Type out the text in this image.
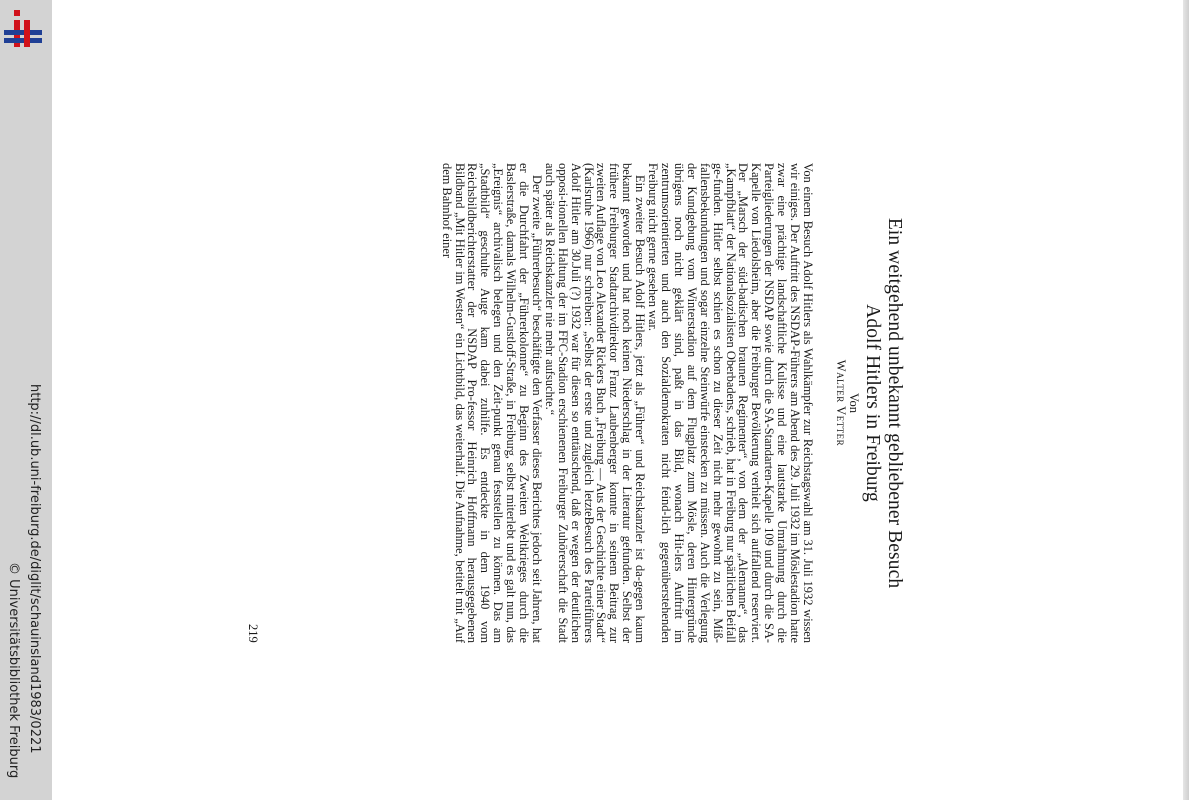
http://dl.ub.uni-freiburg.de/diglit/schauinsland1983/0221
© Universitätsbibliothek Freiburg
Ein weitgehend unbekannt gebliebener Besuch
Adolf Hitlers in Freiburg
Von
Walter Vetter

Von einem Besuch Adolf Hitlers als Wahlkämpfer zur Reichstagswahl am 31. Juli 1932 wissen wir einiges. Der Auftritt des NSDAP-Führers am Abend des 29. Juli 1932 im Möslestadion hatte zwar eine prächtige landschaftliche Kulisse und eine lautstarke Umrahmung durch die Parteigliederungen der NSDAP sowie durch die SA-Standarten-Kapelle 109 und durch die SA-Kapelle von Liedolsheim, aber die Freiburger Bevölkerung verhielt sich auffallend reserviert. Der „Marsch der süd-badischen braunen Regimenter“, von dem der „Alemanne“, das „Kampfblatt“ der Nationalsozialisten Oberbadens, schrieb, hat in Freiburg nur spärlichen Beifall ge-funden. Hitler selbst schien es schon zu dieser Zeit nicht mehr gewohnt zu sein, Miß-fallensbekundungen und sogar einzelne Steinwürfe einstecken zu müssen. Auch die Verlegung der Kundgebung vom Winterstadion auf dem Flugplatz zum Mösle, deren Hintergründe übrigens noch nicht geklärt sind, paßt in das Bild, wonach Hit-lers Auftritt im zentrumsorientierten und auch den Sozialdemokraten nicht feind-lich gegenüberstehenden Freiburg nicht gerne gesehen war.

Ein zweiter Besuch Adolf Hitlers, jetzt als „Führer“ und Reichskanzler ist da-gegen kaum bekannt geworden und hat noch keinen Niederschlag in der Literatur gefunden. Selbst der frühere Freiburger Stadtarchivdirektor Franz Laubenberger konnte in seinem Beitrag zur zweiten Auflage von Leo Alexander Rickers Buch „Freiburg — Aus der Geschichte einer Stadt“ (Karlsruhe 1966) nur schreiben: „Selbst der erste und zugleich letzteBesuch des Parteiführers Adolf Hitler am 30.Juli (?) 1932 war für diesen so enttäuschend, daß er wegen der deutlichen opposi-tionellen Haltung der im FFC-Stadion erschienenen Freiburger Zuhörerschaft die Stadt auch später als Reichskanzler nie mehr aufsuchte.“

Der zweite „Führerbesuch“ beschäftigte den Verfasser dieses Berichtes jedoch seit Jahren, hat er die Durchfahrt der „Führerkolonne“ zu Beginn des Zweiten Weltkrieges durch die Baslerstraße, damals Wilhelm-Gustloff-Straße, in Freiburg, selbst miterlebt und es galt nun, das „Ereignis“ archivalisch belegen und den Zeit-punkt genau feststellen zu können. Das am „Stadtbild“ geschulte Auge kam dabei zuhilfe. Es entdeckte in dem 1940 vom Reichsbildberichterstatter der NSDAP Pro-fessor Heinrich Hoffmann herausgegebenen Bildband „Mit Hitler im Westen“ ein Lichtbild, das weiterhalf. Die Aufnahme, betitelt mit „Auf dem Bahnhof einer

219
